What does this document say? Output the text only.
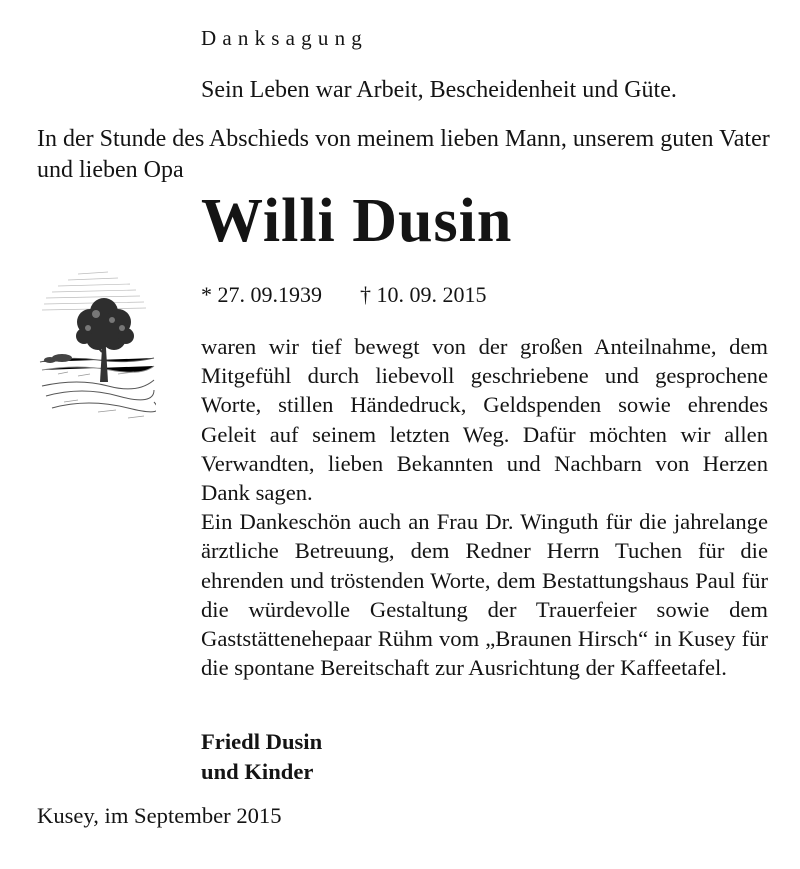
Danksagung
Sein Leben war Arbeit, Bescheidenheit und Güte.
In der Stunde des Abschieds von meinem lieben Mann, unserem guten Vater und lieben Opa
Willi Dusin
* 27. 09.1939 † 10. 09. 2015

waren wir tief bewegt von der großen Anteilnahme, dem Mitgefühl durch liebevoll geschriebene und gesprochene Worte, stillen Händedruck, Geldspenden sowie ehrendes Geleit auf seinem letzten Weg. Dafür möchten wir allen Verwandten, lieben Bekannten und Nachbarn von Herzen Dank sagen.

Ein Dankeschön auch an Frau Dr. Winguth für die jahrelange ärztliche Betreuung, dem Redner Herrn Tuchen für die ehrenden und tröstenden Worte, dem Bestattungshaus Paul für die würdevolle Gestaltung der Trauerfeier sowie dem Gaststättenehepaar Rühm vom „Braunen Hirsch“ in Kusey für die spontane Bereitschaft zur Ausrichtung der Kaffeetafel.

Friedl Dusin
und Kinder
Kusey, im September 2015
